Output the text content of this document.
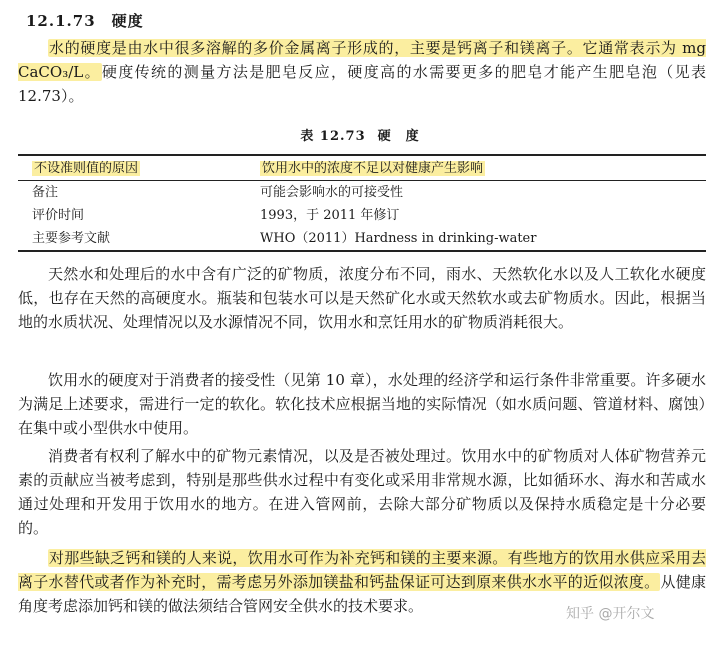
12.1.73 硬度

水的硬度是由水中很多溶解的多价金属离子形成的，主要是钙离子和镁离子。它通常表示为 mg CaCO₃/L。硬度传统的测量方法是肥皂反应，硬度高的水需要更多的肥皂才能产生肥皂泡（见表 12.73）。

表 12.73 硬　度
不设准则值的原因	饮用水中的浓度不足以对健康产生影响
备注	可能会影响水的可接受性
评价时间	1993，于 2011 年修订
主要参考文献	WHO（2011）Hardness in drinking-water

天然水和处理后的水中含有广泛的矿物质，浓度分布不同，雨水、天然软化水以及人工软化水硬度低，也存在天然的高硬度水。瓶装和包装水可以是天然矿化水或天然软水或去矿物质水。因此，根据当地的水质状况、处理情况以及水源情况不同，饮用水和烹饪用水的矿物质消耗很大。

饮用水的硬度对于消费者的接受性（见第 10 章），水处理的经济学和运行条件非常重要。许多硬水为满足上述要求，需进行一定的软化。软化技术应根据当地的实际情况（如水质问题、管道材料、腐蚀）在集中或小型供水中使用。

消费者有权利了解水中的矿物元素情况，以及是否被处理过。饮用水中的矿物质对人体矿物营养元素的贡献应当被考虑到，特别是那些供水过程中有变化或采用非常规水源，比如循环水、海水和苦咸水通过处理和开发用于饮用水的地方。在进入管网前，去除大部分矿物质以及保持水质稳定是十分必要的。

对那些缺乏钙和镁的人来说，饮用水可作为补充钙和镁的主要来源。有些地方的饮用水供应采用去离子水替代或者作为补充时，需考虑另外添加镁盐和钙盐保证可达到原来供水水平的近似浓度。从健康角度考虑添加钙和镁的做法须结合管网安全供水的技术要求。	知乎 @开尔文
